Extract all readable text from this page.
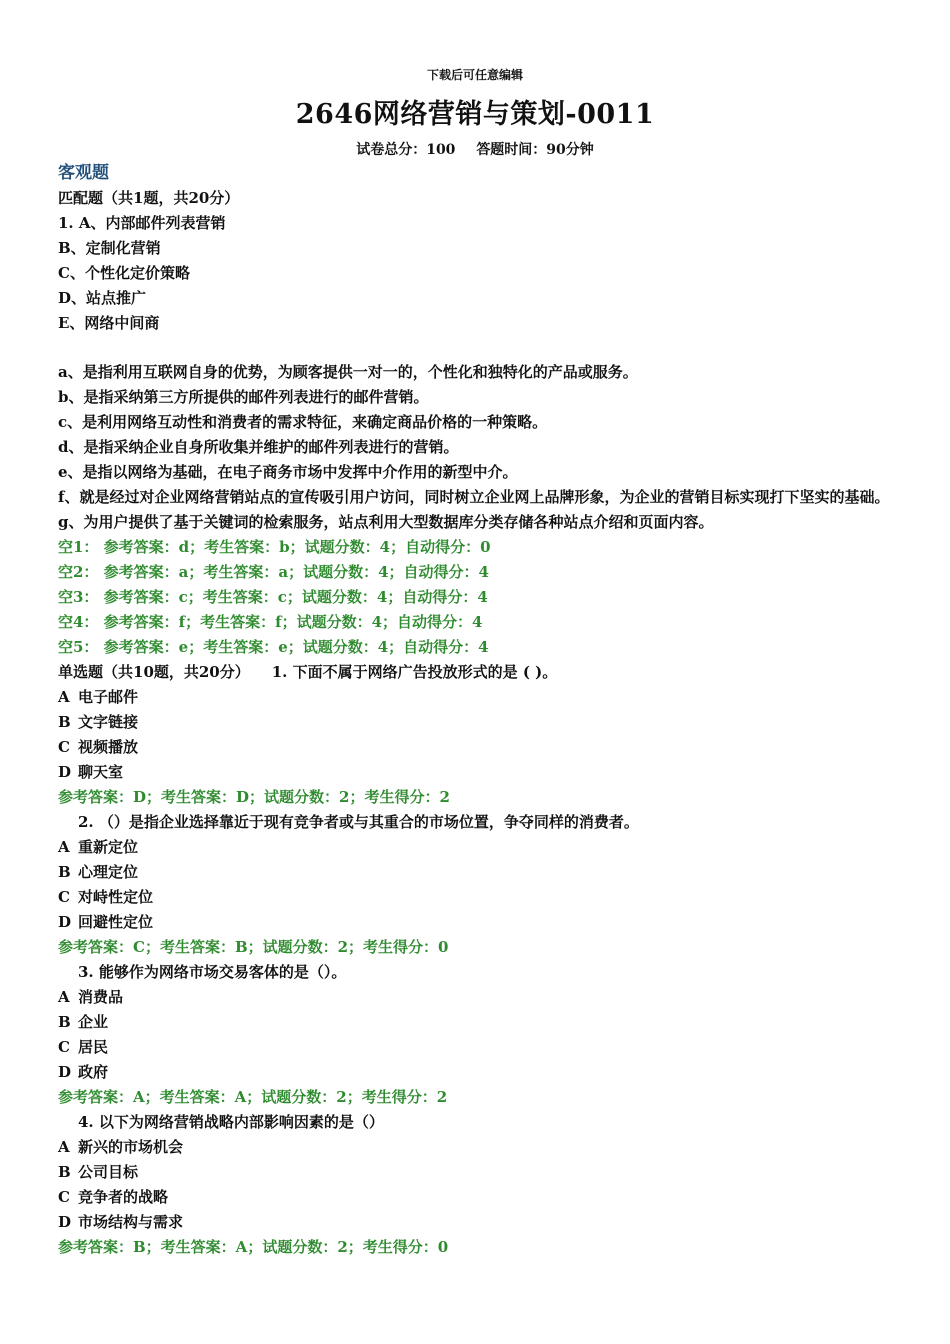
下载后可任意编辑
2646网络营销与策划-0011
试卷总分：100 答题时间：90分钟
客观题
匹配题（共1题，共20分）
1. A、内部邮件列表营销
B、定制化营销
C、个性化定价策略
D、站点推广
E、网络中间商
a、是指利用互联网自身的优势，为顾客提供一对一的，个性化和独特化的产品或服务。
b、是指采纳第三方所提供的邮件列表进行的邮件营销。
c、是利用网络互动性和消费者的需求特征，来确定商品价格的一种策略。
d、是指采纳企业自身所收集并维护的邮件列表进行的营销。
e、是指以网络为基础，在电子商务市场中发挥中介作用的新型中介。
f、就是经过对企业网络营销站点的宣传吸引用户访问，同时树立企业网上品牌形象，为企业的营销目标实现打下坚实的基础。
g、为用户提供了基于关键词的检索服务，站点利用大型数据库分类存储各种站点介绍和页面内容。
空1： 参考答案：d；考生答案：b；试题分数：4；自动得分：0
空2： 参考答案：a；考生答案：a；试题分数：4；自动得分：4
空3： 参考答案：c；考生答案：c；试题分数：4；自动得分：4
空4： 参考答案：f；考生答案：f；试题分数：4；自动得分：4
空5： 参考答案：e；考生答案：e；试题分数：4；自动得分：4
单选题（共10题，共20分） 1. 下面不属于网络广告投放形式的是 ( )。
A 电子邮件
B 文字链接
C 视频播放
D 聊天室
参考答案：D；考生答案：D；试题分数：2；考生得分：2
2. （）是指企业选择靠近于现有竞争者或与其重合的市场位置，争夺同样的消费者。
A 重新定位
B 心理定位
C 对峙性定位
D 回避性定位
参考答案：C；考生答案：B；试题分数：2；考生得分：0
3. 能够作为网络市场交易客体的是（）。
A 消费品
B 企业
C 居民
D 政府
参考答案：A；考生答案：A；试题分数：2；考生得分：2
4. 以下为网络营销战略内部影响因素的是（）
A 新兴的市场机会
B 公司目标
C 竞争者的战略
D 市场结构与需求
参考答案：B；考生答案：A；试题分数：2；考生得分：0
